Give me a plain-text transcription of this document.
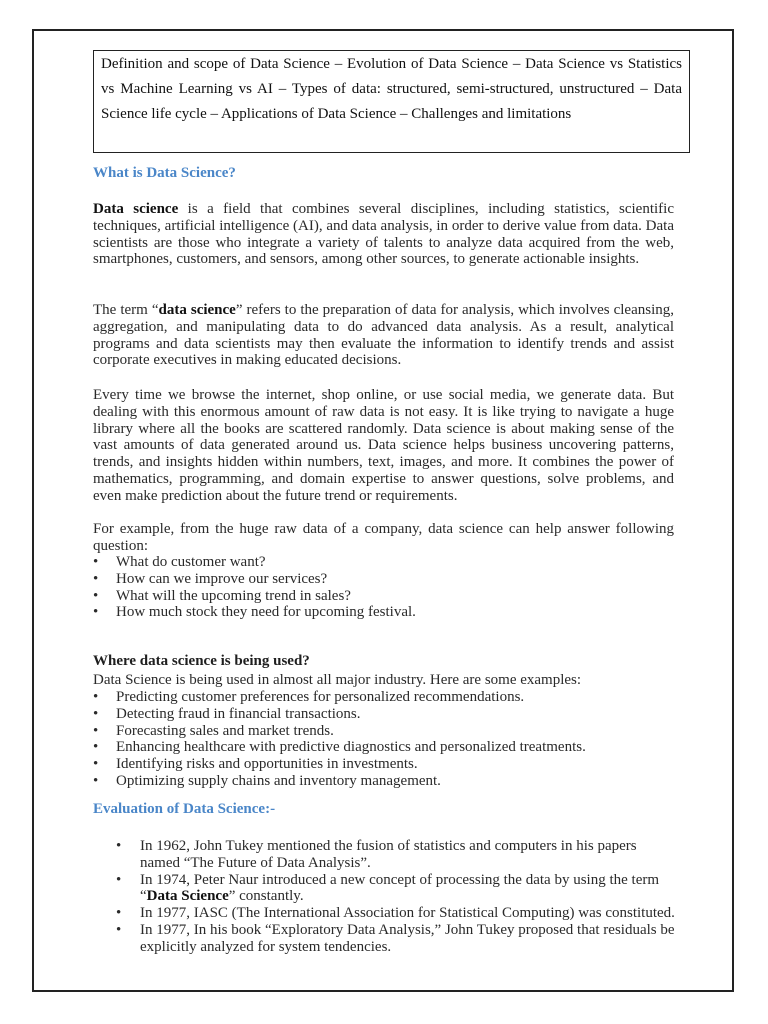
Definition and scope of Data Science – Evolution of Data Science – Data Science vs Statistics vs Machine Learning vs AI – Types of data: structured, semi-structured, unstructured – Data Science life cycle – Applications of Data Science – Challenges and limitations
What is Data Science?
Data science is a field that combines several disciplines, including statistics, scientific techniques, artificial intelligence (AI), and data analysis, in order to derive value from data. Data scientists are those who integrate a variety of talents to analyze data acquired from the web, smartphones, customers, and sensors, among other sources, to generate actionable insights.
The term “data science” refers to the preparation of data for analysis, which involves cleansing, aggregation, and manipulating data to do advanced data analysis. As a result, analytical programs and data scientists may then evaluate the information to identify trends and assist corporate executives in making educated decisions.
Every time we browse the internet, shop online, or use social media, we generate data. But dealing with this enormous amount of raw data is not easy. It is like trying to navigate a huge library where all the books are scattered randomly. Data science is about making sense of the vast amounts of data generated around us. Data science helps business uncovering patterns, trends, and insights hidden within numbers, text, images, and more. It combines the power of mathematics, programming, and domain expertise to answer questions, solve problems, and even make prediction about the future trend or requirements.
For example, from the huge raw data of a company, data science can help answer following question:
• What do customer want?
• How can we improve our services?
• What will the upcoming trend in sales?
• How much stock they need for upcoming festival.
Where data science is being used?
Data Science is being used in almost all major industry. Here are some examples:
• Predicting customer preferences for personalized recommendations.
• Detecting fraud in financial transactions.
• Forecasting sales and market trends.
• Enhancing healthcare with predictive diagnostics and personalized treatments.
• Identifying risks and opportunities in investments.
• Optimizing supply chains and inventory management.
Evaluation of Data Science:-
• In 1962, John Tukey mentioned the fusion of statistics and computers in his papers named “The Future of Data Analysis”.
• In 1974, Peter Naur introduced a new concept of processing the data by using the term “Data Science” constantly.
• In 1977, IASC (The International Association for Statistical Computing) was constituted.
• In 1977, In his book “Exploratory Data Analysis,” John Tukey proposed that residuals be explicitly analyzed for system tendencies.
